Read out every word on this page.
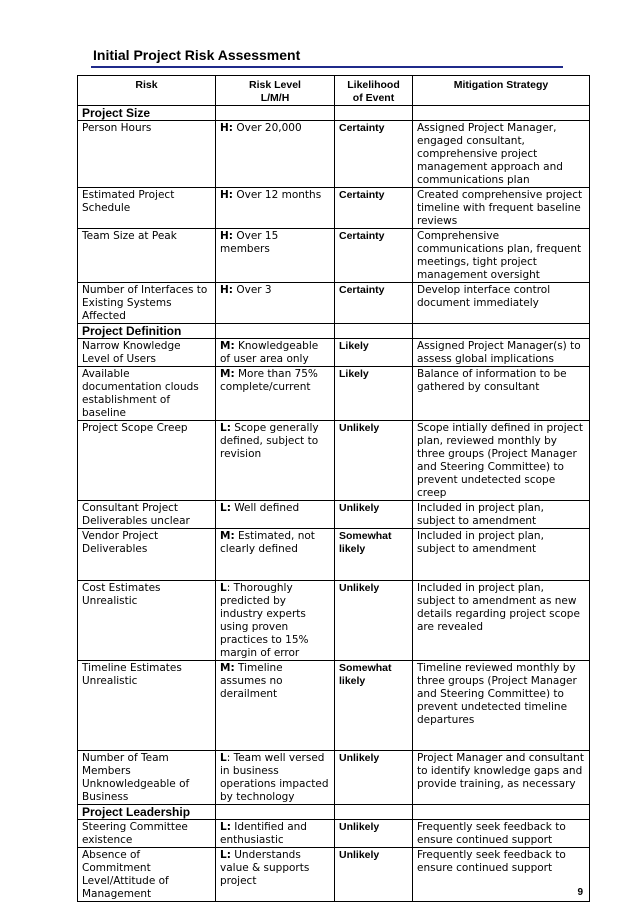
Initial Project Risk Assessment
Risk	Risk Level L/M/H	Likelihood of Event	Mitigation Strategy
Project Size			
Person Hours	H: Over 20,000	Certainty	Assigned Project Manager, engaged consultant, comprehensive project management approach and communications plan
Estimated Project Schedule	H: Over 12 months	Certainty	Created comprehensive project timeline with frequent baseline reviews
Team Size at Peak	H: Over 15 members	Certainty	Comprehensive communications plan, frequent meetings, tight project management oversight
Number of Interfaces to Existing Systems Affected	H: Over 3	Certainty	Develop interface control document immediately
Project Definition			
Narrow Knowledge Level of Users	M: Knowledgeable of user area only	Likely	Assigned Project Manager(s) to assess global implications
Available documentation clouds establishment of baseline	M: More than 75% complete/current	Likely	Balance of information to be gathered by consultant
Project Scope Creep	L: Scope generally defined, subject to revision	Unlikely	Scope intially defined in project plan, reviewed monthly by three groups (Project Manager and Steering Committee) to prevent undetected scope creep
Consultant Project Deliverables unclear	L: Well defined	Unlikely	Included in project plan, subject to amendment
Vendor Project Deliverables	M: Estimated, not clearly defined	Somewhat likely	Included in project plan, subject to amendment
Cost Estimates Unrealistic	L: Thoroughly predicted by industry experts using proven practices to 15% margin of error	Unlikely	Included in project plan, subject to amendment as new details regarding project scope are revealed
Timeline Estimates Unrealistic	M: Timeline assumes no derailment	Somewhat likely	Timeline reviewed monthly by three groups (Project Manager and Steering Committee) to prevent undetected timeline departures
Number of Team Members Unknowledgeable of Business	L: Team well versed in business operations impacted by technology	Unlikely	Project Manager and consultant to identify knowledge gaps and provide training, as necessary
Project Leadership			
Steering Committee existence	L: Identified and enthusiastic	Unlikely	Frequently seek feedback to ensure continued support
Absence of Commitment Level/Attitude of Management	L: Understands value & supports project	Unlikely	Frequently seek feedback to ensure continued support
9
